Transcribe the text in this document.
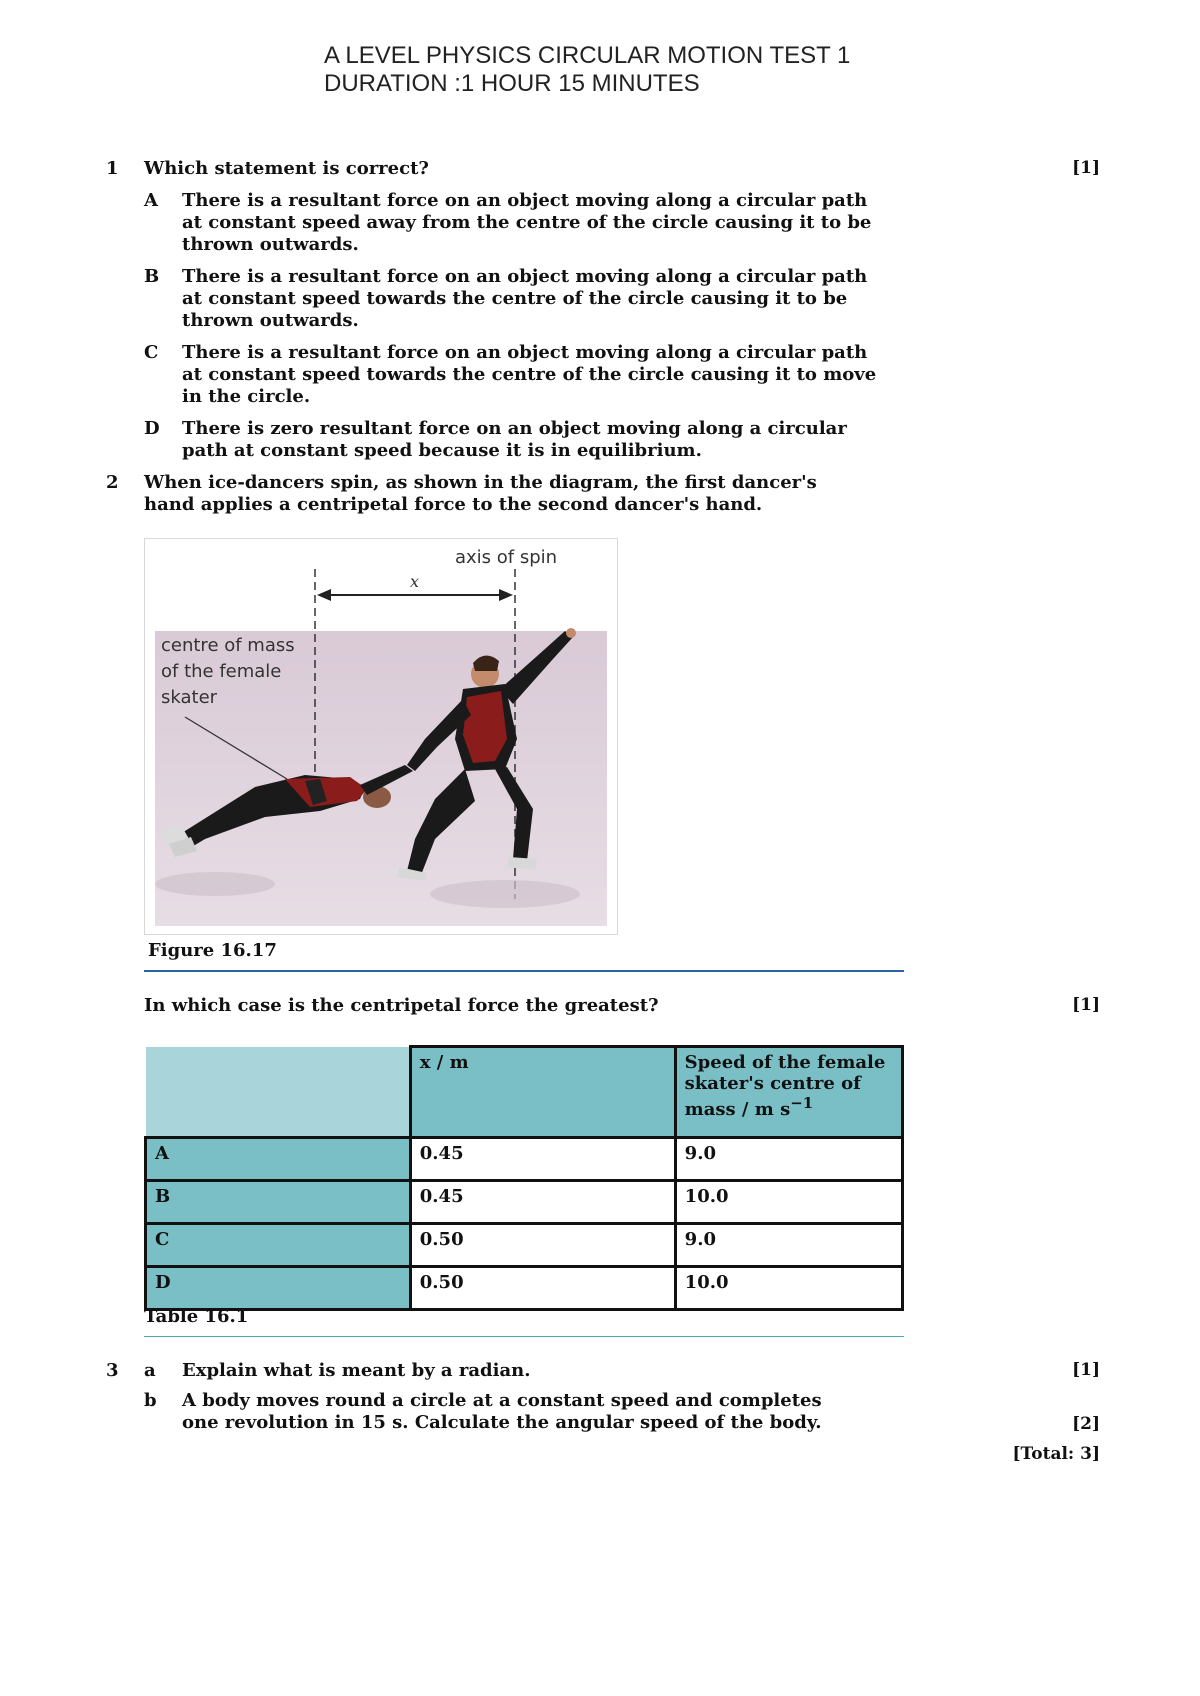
A LEVEL PHYSICS CIRCULAR MOTION TEST 1
DURATION :1 HOUR 15 MINUTES
1 Which statement is correct?	[1]
A There is a resultant force on an object moving along a circular path at constant speed away from the centre of the circle causing it to be thrown outwards.
B There is a resultant force on an object moving along a circular path at constant speed towards the centre of the circle causing it to be thrown outwards.
C There is a resultant force on an object moving along a circular path at constant speed towards the centre of the circle causing it to move in the circle.
D There is zero resultant force on an object moving along a circular path at constant speed because it is in equilibrium.
2 When ice-dancers spin, as shown in the diagram, the first dancer's hand applies a centripetal force to the second dancer's hand.
axis of spin
x
centre of mass
of the female
skater
Figure 16.17
In which case is the centripetal force the greatest?	[1]
	x / m	Speed of the female skater's centre of mass / m $s^{-1}$
A	0.45	9.0
B	0.45	10.0
C	0.50	9.0
D	0.50	10.0
Table 16.1
3 a Explain what is meant by a radian.	[1]
b A body moves round a circle at a constant speed and completes one revolution in 15 s. Calculate the angular speed of the body.	[2]
[Total: 3]
